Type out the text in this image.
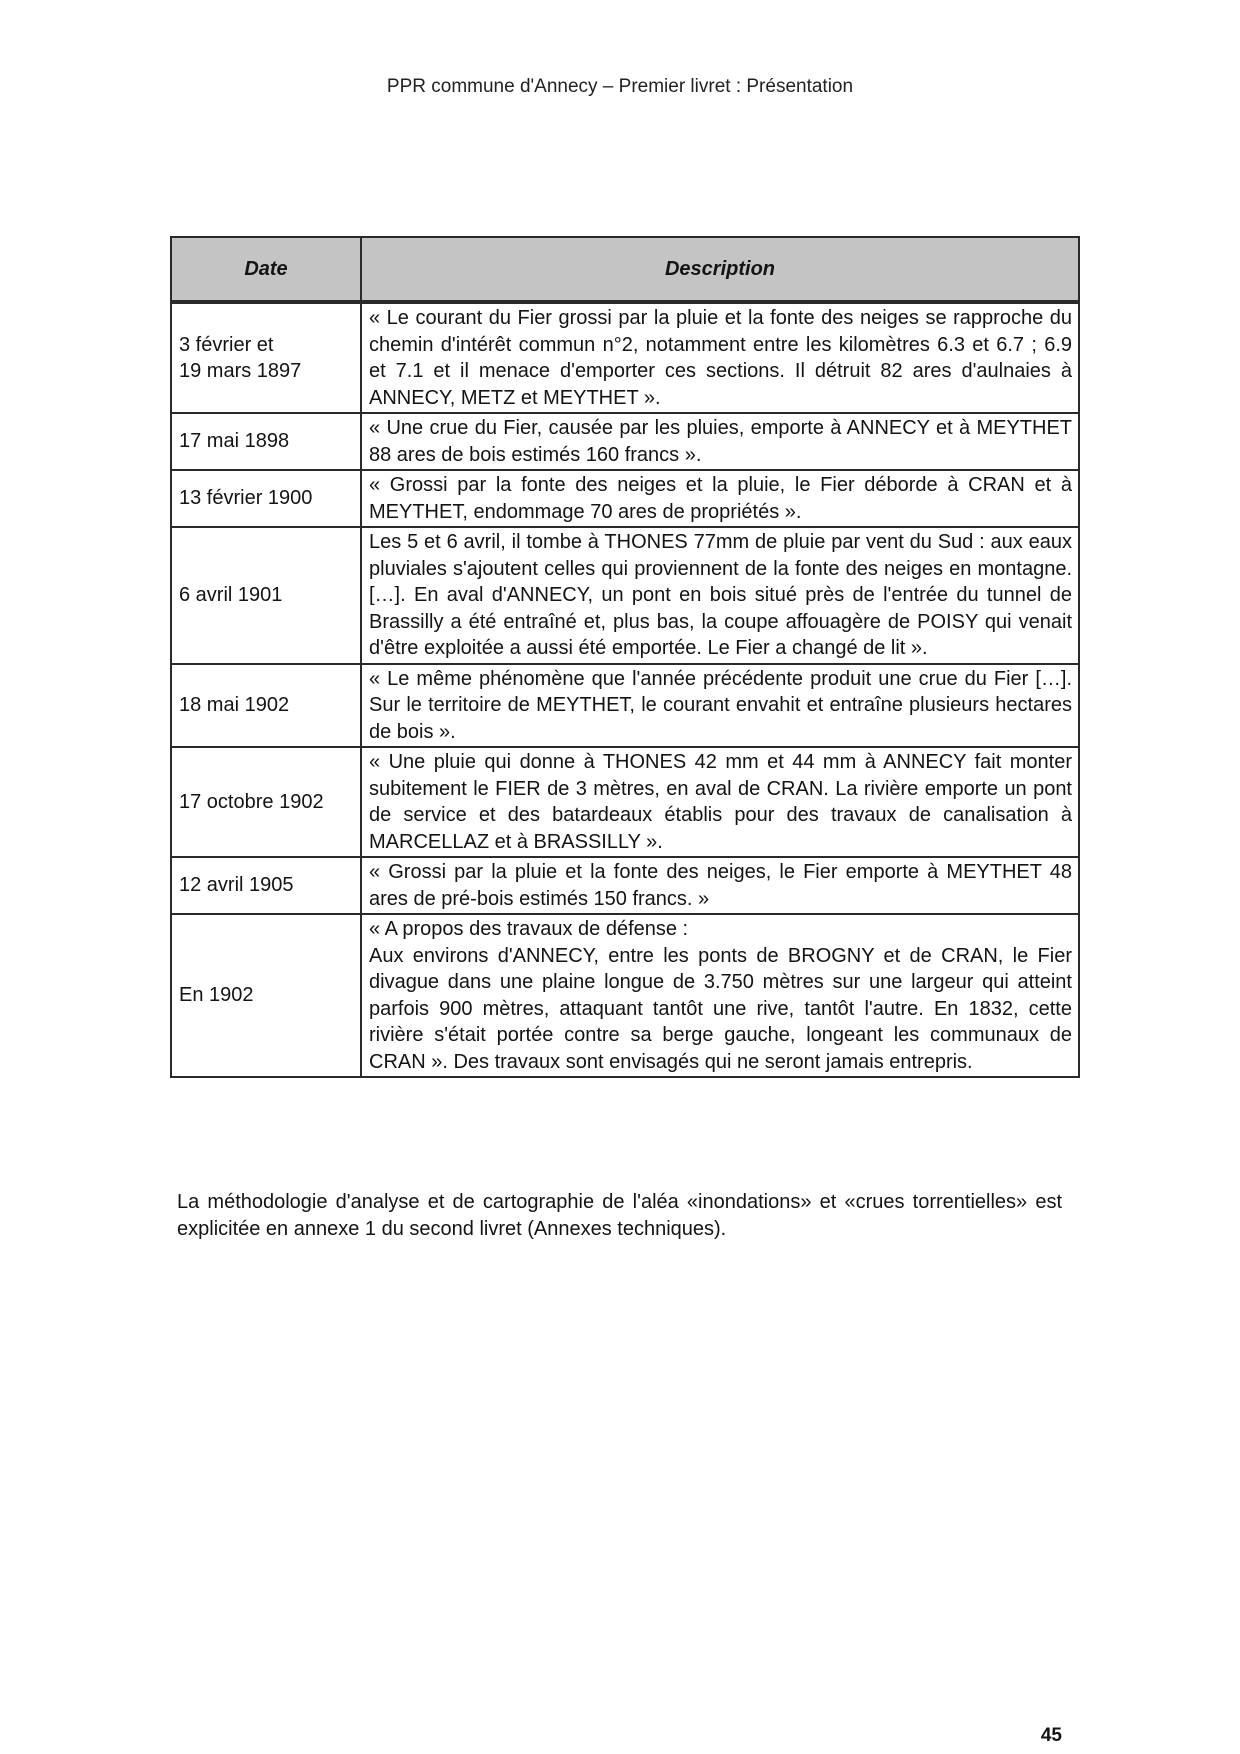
PPR commune d'Annecy – Premier livret : Présentation
Date	Description
3 février et
19 mars 1897	« Le courant du Fier grossi par la pluie et la fonte des neiges se rapproche du chemin d'intérêt commun n°2, notamment entre les kilomètres 6.3 et 6.7 ; 6.9 et 7.1 et il menace d'emporter ces sections. Il détruit 82 ares d'aulnaies à ANNECY, METZ et MEYTHET ».
17 mai 1898	« Une crue du Fier, causée par les pluies, emporte à ANNECY et à MEYTHET 88 ares de bois estimés 160 francs ».
13 février 1900	« Grossi par la fonte des neiges et la pluie, le Fier déborde à CRAN et à MEYTHET, endommage 70 ares de propriétés ».
6 avril 1901	Les 5 et 6 avril, il tombe à THONES 77mm de pluie par vent du Sud : aux eaux pluviales s'ajoutent celles qui proviennent de la fonte des neiges en montagne.[…]. En aval d'ANNECY, un pont en bois situé près de l'entrée du tunnel de Brassilly a été entraîné et, plus bas, la coupe affouagère de POISY qui venait d'être exploitée a aussi été emportée. Le Fier a changé de lit ».
18 mai 1902	« Le même phénomène que l'année précédente produit une crue du Fier […]. Sur le territoire de MEYTHET, le courant envahit et entraîne plusieurs hectares de bois ».
17 octobre 1902	« Une pluie qui donne à THONES 42 mm et 44 mm à ANNECY fait monter subitement le FIER de 3 mètres, en aval de CRAN. La rivière emporte un pont de service et des batardeaux établis pour des travaux de canalisation à MARCELLAZ et à BRASSILLY ».
12 avril 1905	« Grossi par la pluie et la fonte des neiges, le Fier emporte à MEYTHET 48 ares de pré-bois estimés 150 francs. »
En 1902	« A propos des travaux de défense :
Aux environs d'ANNECY, entre les ponts de BROGNY et de CRAN, le Fier divague dans une plaine longue de 3.750 mètres sur une largeur qui atteint parfois 900 mètres, attaquant tantôt une rive, tantôt l'autre. En 1832, cette rivière s'était portée contre sa berge gauche, longeant les communaux de CRAN ». Des travaux sont envisagés qui ne seront jamais entrepris.
La méthodologie d'analyse et de cartographie de l'aléa «inondations» et «crues torrentielles» est explicitée en annexe 1 du second livret (Annexes techniques).
45
